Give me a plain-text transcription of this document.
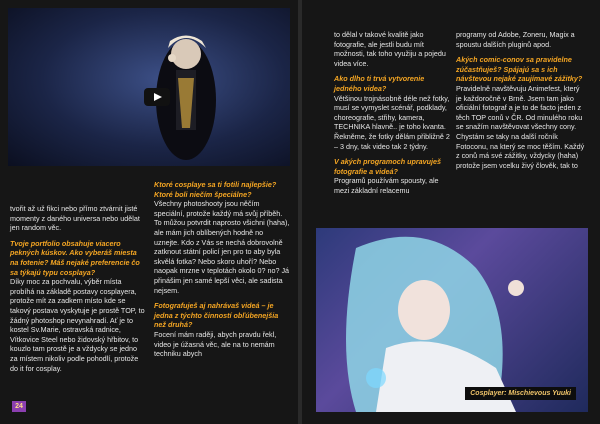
tvořit až už fikci nebo přímo ztvárnit jisté momenty z daného universa nebo udělat jen random věc.

Tvoje portfolio obsahuje viacero pekných kúskov. Ako vyberáš miesta na fotenie? Máš nejaké preferencie čo sa týkajú typu cosplaya?

Díky moc za pochvalu, výběr místa probíhá na základě postavy cosplayera, protože mít za zadkem místo kde se takový postava vyskytuje je prostě TOP, to žádný photoshop nevynahradí. Ať je to kostel Sv.Marie, ostravská radnice, Vítkovice Steel nebo židovský hřbitov, to kouzlo tam prostě je a vždycky se jedno za místem nikoliv podle pohodlí, protože do it for cosplay.

Ktoré cosplaye sa ti fotili najlepšie? Ktoré boli niečím špeciálne?

Všechny photoshooty jsou něčím speciální, protože každý má svůj příběh. To můžou potvrdit naprosto všichni (haha), ale mám jich oblíbených hodně no uznejte. Kdo z Vás se nechá dobrovolně zatknout státní policí jen pro to aby byla skvělá fotka? Nebo skoro uhoří? Nebo naopak mrzne v teplotách okolo 0? no? Já přinášim jen samé lepší věci, ale sadista nejsem.

Fotografuješ aj nahrávaš videá – je jedna z týchto činností obľúbenejšia než druhá?

Focení mám raději, abych pravdu řekl, video je úžasná věc, ale na to nemám techniku abych

24

to dělal v takové kvalitě jako fotografie, ale jestli budu mít možnosti, tak toho využiju a pojedu videa více.

Ako dlho ti trvá vytvorenie jedného videa?

Většinou trojnásobně déle než fotky, musí se vymyslet scénář, podklady, choreografie, střihy, kamera, TECHNIKA hlavně.. je toho kvanta. Řekněme, že fotky dělám přibližně 2 – 3 dny, tak video tak 2 týdny.

V akých programoch upravuješ fotografie a videá?

Programů používám spousty, ale mezi základní relacemu

programy od Adobe, Zoneru, Magix a spoustu dalších pluginů apod.

Akých comic-conov sa pravidelne zúčastňuješ? Spájajú sa s ich návštevou nejaké zaujímavé zážitky?

Pravidelně navštěvuju Animefest, který je každoročně v Brně. Jsem tam jako oficiální fotograf a je to de facto jeden z těch TOP conů v ČR. Od minulého roku se snažím navštěvovat všechny cony. Chystám se taky na další ročník Fotoconu, na který se moc těším. Každý z conů má své zážitky, vždycky (haha) protože jsem vcelku živý člověk, tak to

Cosplayer: Mischievous Yuuki
